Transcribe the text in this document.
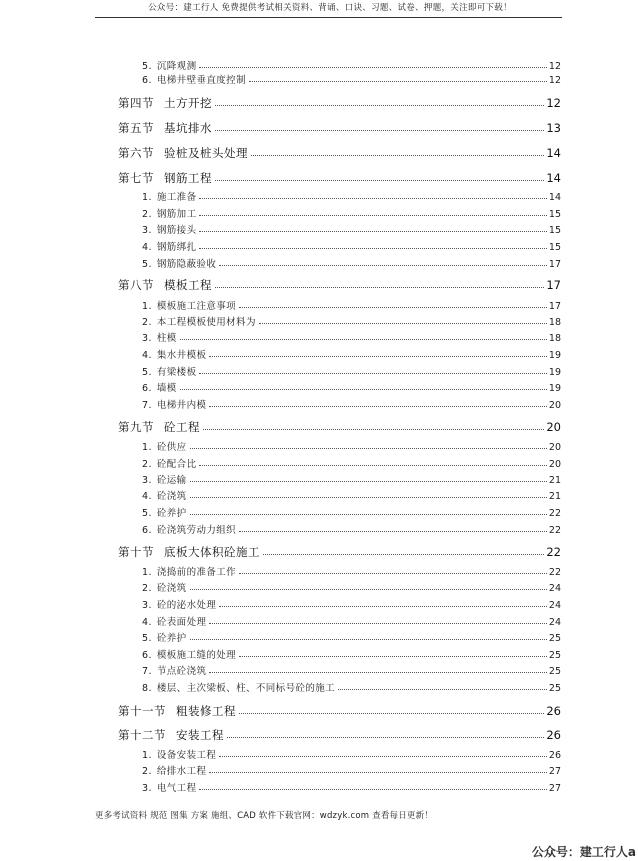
公众号：建工行人 免费提供考试相关资料、背诵、口诀、习题、试卷、押题，关注即可下载！
5. 沉降观测	12
6. 电梯井壁垂直度控制	12
第四节 土方开挖	12
第五节 基坑排水	13
第六节 验桩及桩头处理	14
第七节 钢筋工程	14
1. 施工准备	14
2. 钢筋加工	15
3. 钢筋接头	15
4. 钢筋绑扎	15
5. 钢筋隐蔽验收	17
第八节 模板工程	17
1. 模板施工注意事项	17
2. 本工程模板使用材料为	18
3. 柱模	18
4. 集水井模板	19
5. 有梁楼板	19
6. 墙模	19
7. 电梯井内模	20
第九节 砼工程	20
1. 砼供应	20
2. 砼配合比	20
3. 砼运输	21
4. 砼浇筑	21
5. 砼养护	22
6. 砼浇筑劳动力组织	22
第十节 底板大体积砼施工	22
1. 浇捣前的准备工作	22
2. 砼浇筑	24
3. 砼的泌水处理	24
4. 砼表面处理	24
5. 砼养护	25
6. 模板施工缝的处理	25
7. 节点砼浇筑	25
8. 楼层、主次梁板、柱、不同标号砼的施工	25
第十一节 粗装修工程	26
第十二节 安装工程	26
1. 设备安装工程	26
2. 给排水工程	27
3. 电气工程	27
更多考试资料 规范 图集 方案 施组、CAD 软件下载官网：wdzyk.com 查看每日更新！
公众号：建工行人a
